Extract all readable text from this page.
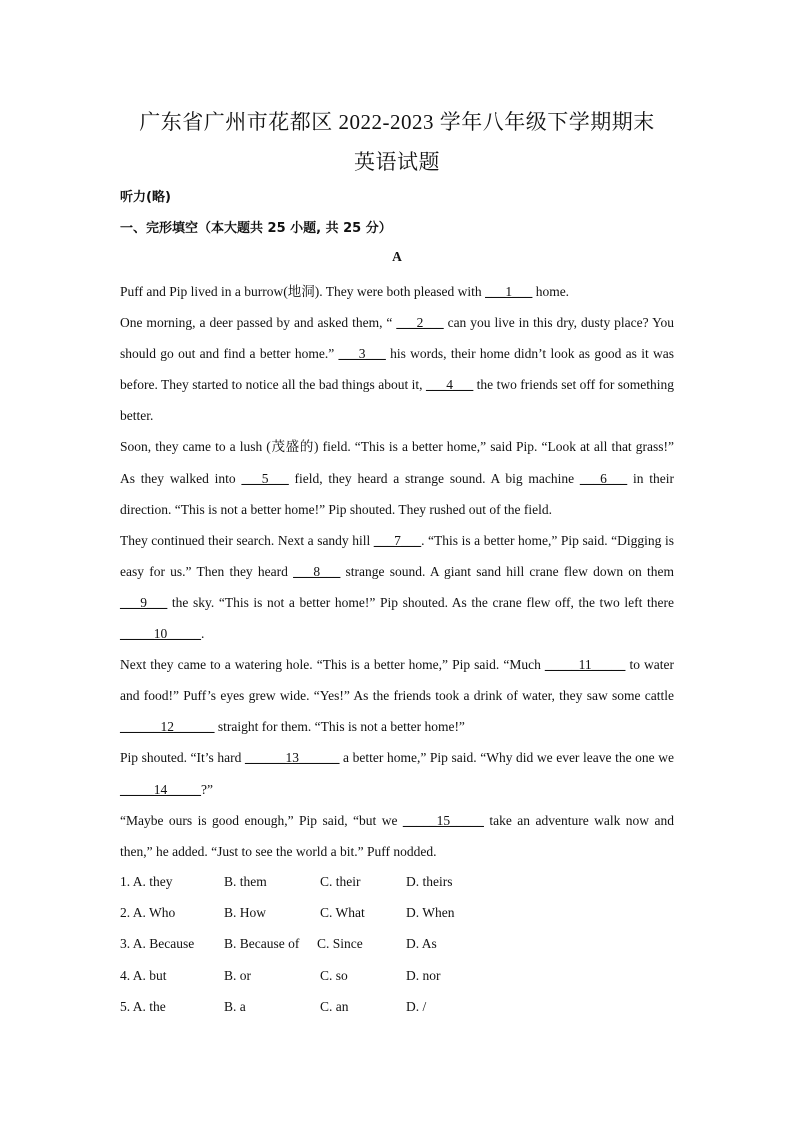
广东省广州市花都区 2022-2023 学年八年级下学期期末
英语试题
听力(略)
一、完形填空（本大题共 25 小题, 共 25 分）
A

Puff and Pip lived in a burrow(地洞). They were both pleased with ___1___ home.

One morning, a deer passed by and asked them, “ ___2___ can you live in this dry, dusty place? You should go out and find a better home.” ___3___ his words, their home didn’t look as good as it was before. They started to notice all the bad things about it, ___4___ the two friends set off for something better.

Soon, they came to a lush (茂盛的) field. “This is a better home,” said Pip. “Look at all that grass!” As they walked into ___5___ field, they heard a strange sound. A big machine ___6___ in their direction. “This is not a better home!” Pip shouted. They rushed out of the field.

They continued their search. Next a sandy hill ___7___. “This is a better home,” Pip said. “Digging is easy for us.” Then they heard ___8___ strange sound. A giant sand hill crane flew down on them ___9___ the sky. “This is not a better home!” Pip shouted. As the crane flew off, the two left there _____10_____.

Next they came to a watering hole. “This is a better home,” Pip said. “Much _____11_____ to water and food!” Puff’s eyes grew wide. “Yes!” As the friends took a drink of water, they saw some cattle ______12______ straight for them. “This is not a better home!”

Pip shouted. “It’s hard ______13______ a better home,” Pip said. “Why did we ever leave the one we _____14_____?”

“Maybe ours is good enough,” Pip said, “but we _____15_____ take an adventure walk now and then,” he added. “Just to see the world a bit.” Puff nodded.

1. A. they	B. them	C. their	D. theirs
2. A. Who	B. How	C. What	D. When
3. A. Because B. Because of C. Since	D. As
4. A. but	B. or	C. so	D. nor
5. A. the	B. a	C. an	D. /
